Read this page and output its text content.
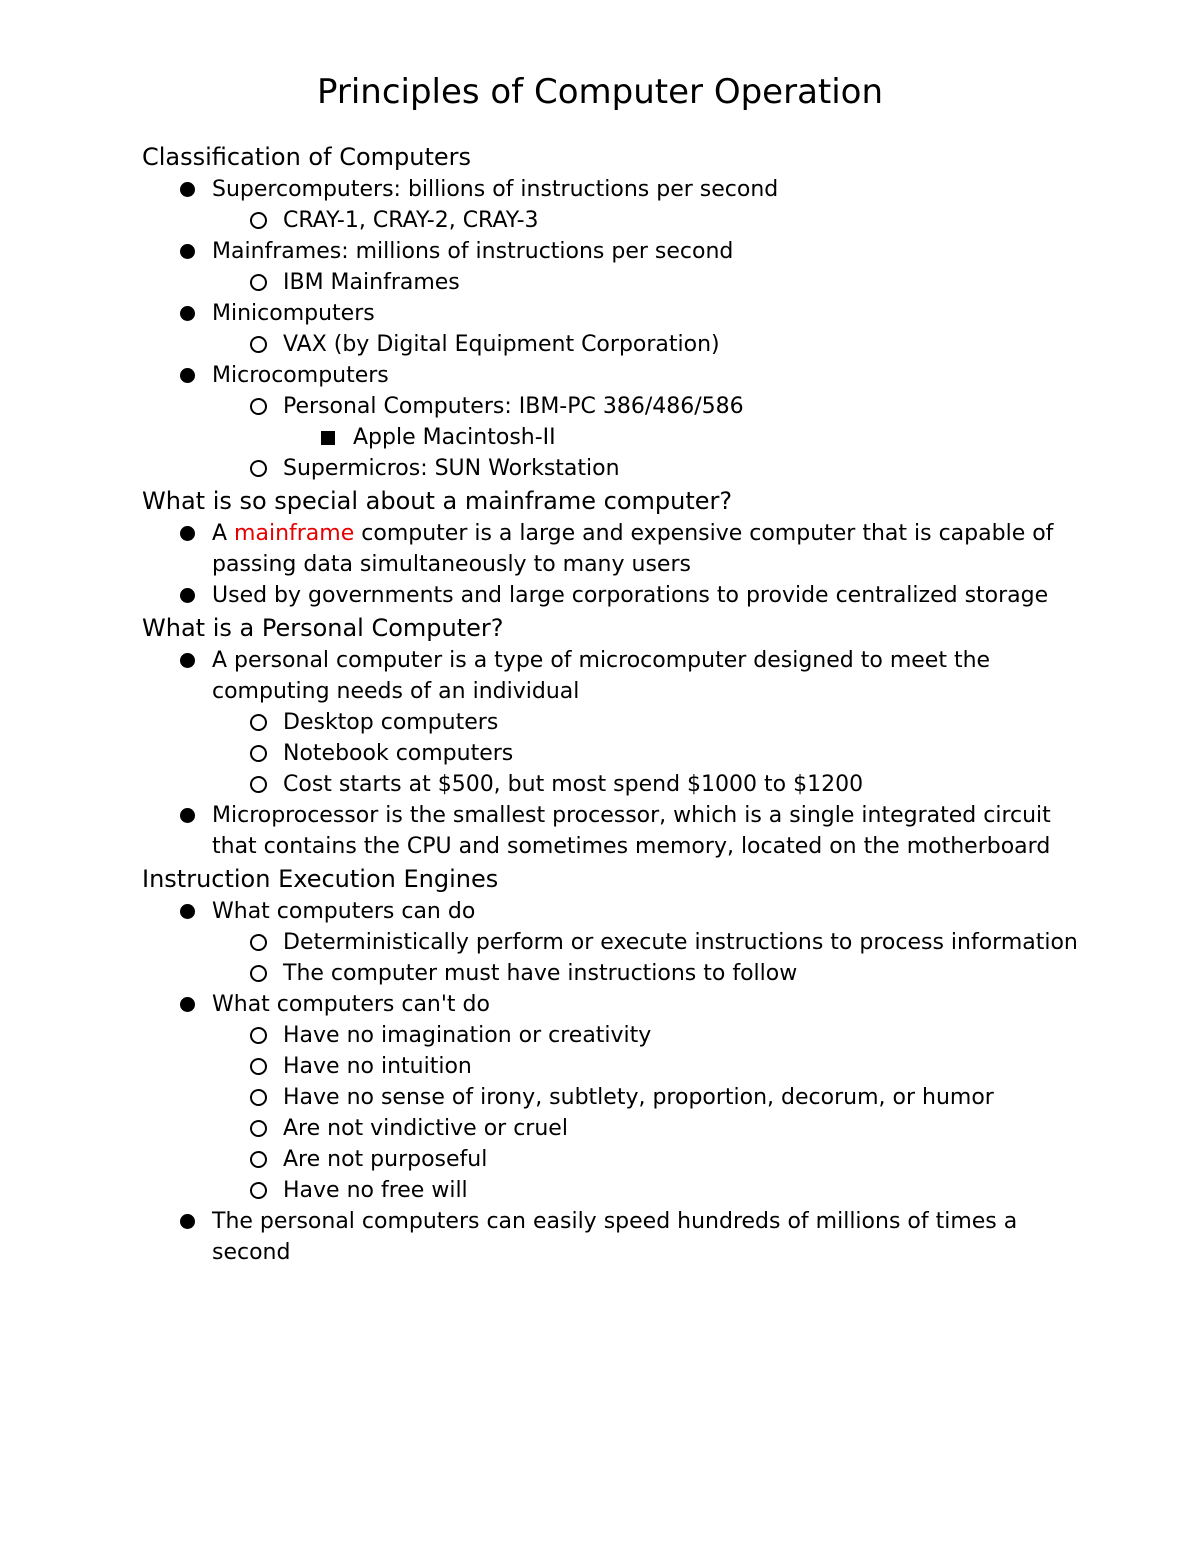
Principles of Computer Operation
Classification of Computers
Supercomputers: billions of instructions per second
CRAY-1, CRAY-2, CRAY-3
Mainframes: millions of instructions per second
IBM Mainframes
Minicomputers
VAX (by Digital Equipment Corporation)
Microcomputers
Personal Computers: IBM-PC 386/486/586
Apple Macintosh-II
Supermicros: SUN Workstation
What is so special about a mainframe computer?
A mainframe computer is a large and expensive computer that is capable of passing data simultaneously to many users
Used by governments and large corporations to provide centralized storage
What is a Personal Computer?
A personal computer is a type of microcomputer designed to meet the computing needs of an individual
Desktop computers
Notebook computers
Cost starts at $500, but most spend $1000 to $1200
Microprocessor is the smallest processor, which is a single integrated circuit that contains the CPU and sometimes memory, located on the motherboard
Instruction Execution Engines
What computers can do
Deterministically perform or execute instructions to process information
The computer must have instructions to follow
What computers can't do
Have no imagination or creativity
Have no intuition
Have no sense of irony, subtlety, proportion, decorum, or humor
Are not vindictive or cruel
Are not purposeful
Have no free will
The personal computers can easily speed hundreds of millions of times a second
